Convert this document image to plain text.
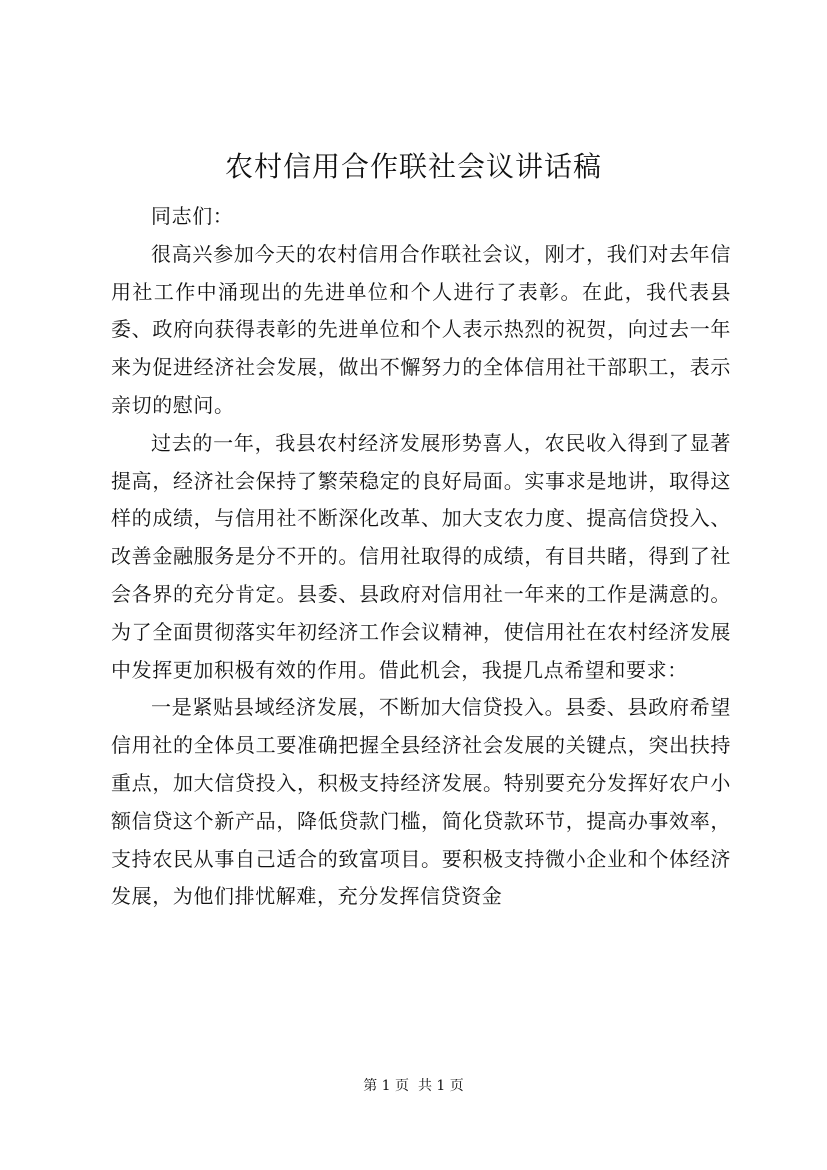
农村信用合作联社会议讲话稿

同志们：

很高兴参加今天的农村信用合作联社会议，刚才，我们对去年信用社工作中涌现出的先进单位和个人进行了表彰。在此，我代表县委、政府向获得表彰的先进单位和个人表示热烈的祝贺，向过去一年来为促进经济社会发展，做出不懈努力的全体信用社干部职工，表示亲切的慰问。

过去的一年，我县农村经济发展形势喜人，农民收入得到了显著提高，经济社会保持了繁荣稳定的良好局面。实事求是地讲，取得这样的成绩，与信用社不断深化改革、加大支农力度、提高信贷投入、改善金融服务是分不开的。信用社取得的成绩，有目共睹，得到了社会各界的充分肯定。县委、县政府对信用社一年来的工作是满意的。为了全面贯彻落实年初经济工作会议精神，使信用社在农村经济发展中发挥更加积极有效的作用。借此机会，我提几点希望和要求：

一是紧贴县域经济发展，不断加大信贷投入。县委、县政府希望信用社的全体员工要准确把握全县经济社会发展的关键点，突出扶持重点，加大信贷投入，积极支持经济发展。特别要充分发挥好农户小额信贷这个新产品，降低贷款门槛，简化贷款环节，提高办事效率，支持农民从事自己适合的致富项目。要积极支持微小企业和个体经济发展，为他们排忧解难，充分发挥信贷资金

第 1 页  共 1 页
